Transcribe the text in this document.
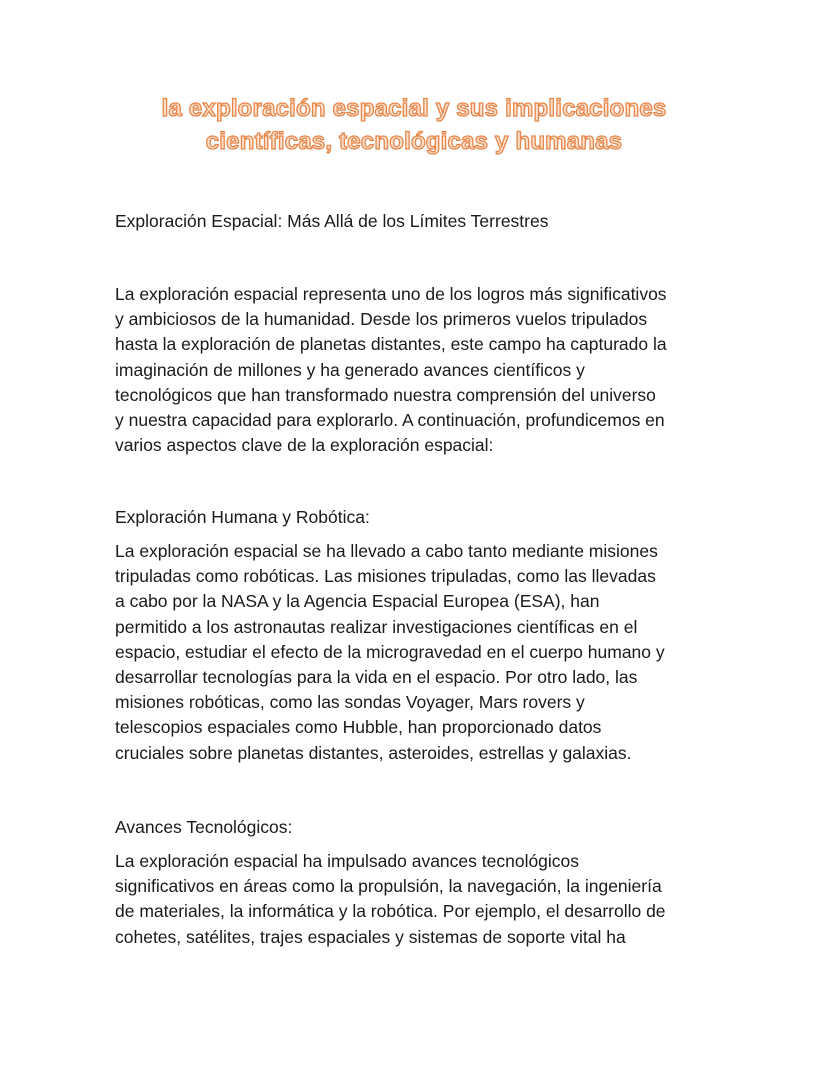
la exploración espacial y sus implicaciones
científicas, tecnológicas y humanas
Exploración Espacial: Más Allá de los Límites Terrestres

La exploración espacial representa uno de los logros más significativos
y ambiciosos de la humanidad. Desde los primeros vuelos tripulados
hasta la exploración de planetas distantes, este campo ha capturado la
imaginación de millones y ha generado avances científicos y
tecnológicos que han transformado nuestra comprensión del universo
y nuestra capacidad para explorarlo. A continuación, profundicemos en
varios aspectos clave de la exploración espacial:

Exploración Humana y Robótica:

La exploración espacial se ha llevado a cabo tanto mediante misiones
tripuladas como robóticas. Las misiones tripuladas, como las llevadas
a cabo por la NASA y la Agencia Espacial Europea (ESA), han
permitido a los astronautas realizar investigaciones científicas en el
espacio, estudiar el efecto de la microgravedad en el cuerpo humano y
desarrollar tecnologías para la vida en el espacio. Por otro lado, las
misiones robóticas, como las sondas Voyager, Mars rovers y
telescopios espaciales como Hubble, han proporcionado datos
cruciales sobre planetas distantes, asteroides, estrellas y galaxias.

Avances Tecnológicos:

La exploración espacial ha impulsado avances tecnológicos
significativos en áreas como la propulsión, la navegación, la ingeniería
de materiales, la informática y la robótica. Por ejemplo, el desarrollo de
cohetes, satélites, trajes espaciales y sistemas de soporte vital ha
